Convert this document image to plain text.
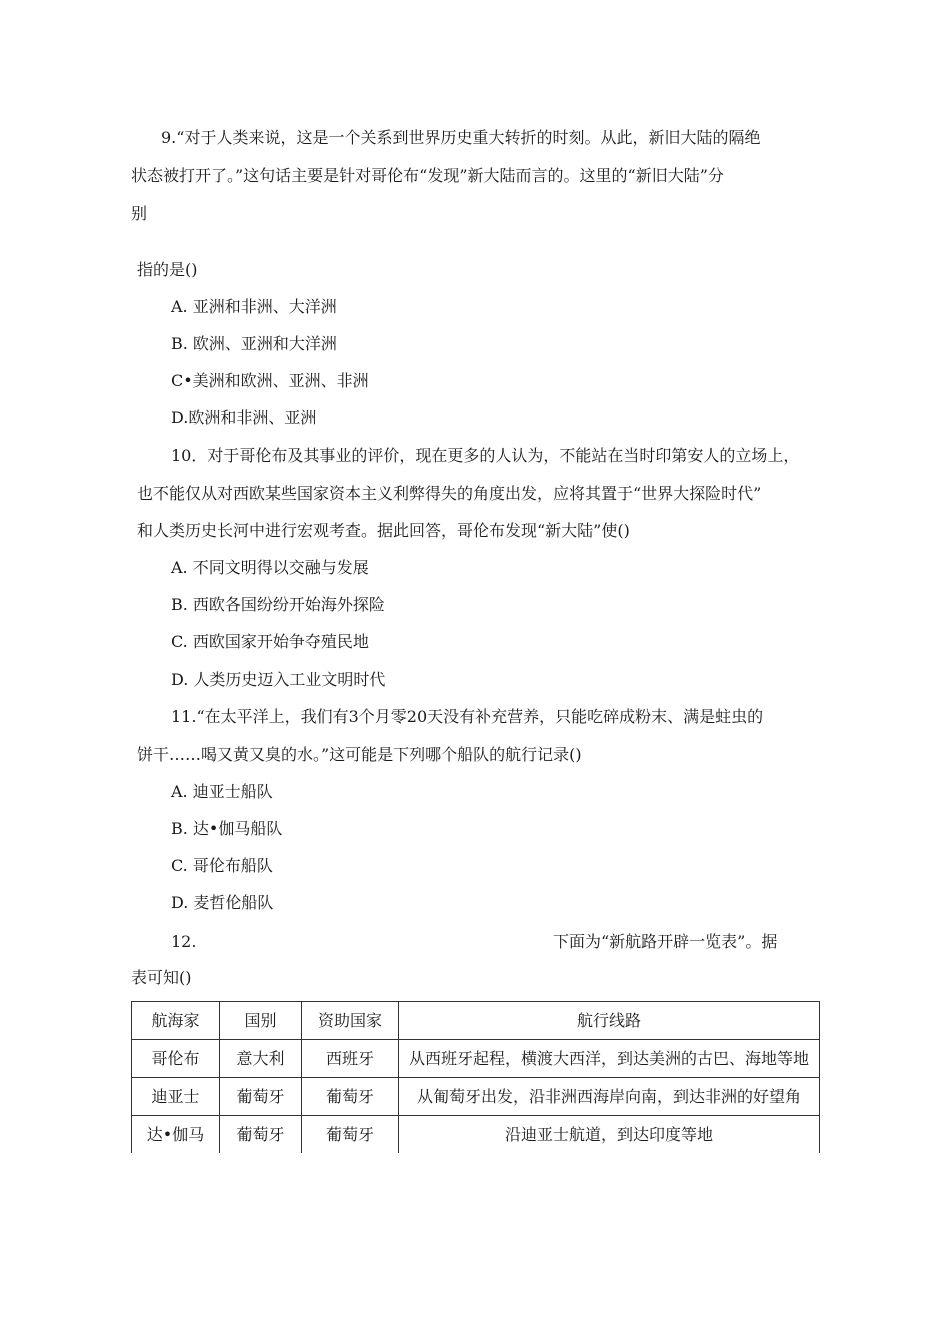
9.“对于人类来说，这是一个关系到世界历史重大转折的时刻。从此，新旧大陆的隔绝
状态被打开了。”这句话主要是针对哥伦布“发现”新大陆而言的。这里的“新旧大陆”分
别
指的是()
A. 亚洲和非洲、大洋洲
B. 欧洲、亚洲和大洋洲
C•美洲和欧洲、亚洲、非洲
D.欧洲和非洲、亚洲
10．对于哥伦布及其事业的评价，现在更多的人认为，不能站在当时印第安人的立场上，
也不能仅从对西欧某些国家资本主义利弊得失的角度出发，应将其置于“世界大探险时代”
和人类历史长河中进行宏观考查。据此回答，哥伦布发现“新大陆”使()
A. 不同文明得以交融与发展
B. 西欧各国纷纷开始海外探险
C. 西欧国家开始争夺殖民地
D. 人类历史迈入工业文明时代
11.“在太平洋上，我们有3个月零20天没有补充营养，只能吃碎成粉末、满是蛀虫的
饼干……喝又黄又臭的水。”这可能是下列哪个船队的航行记录()
A. 迪亚士船队
B. 达•伽马船队
C. 哥伦布船队
D. 麦哲伦船队
12.	下面为“新航路开辟一览表”。据
表可知()
航海家	国别	资助国家	航行线路
哥伦布	意大利	西班牙	从西班牙起程，横渡大西洋，到达美洲的古巴、海地等地
迪亚士	葡萄牙	葡萄牙	从匍萄牙出发，沿非洲西海岸向南，到达非洲的好望角
达•伽马	葡萄牙	葡萄牙	沿迪亚士航道，到达印度等地
